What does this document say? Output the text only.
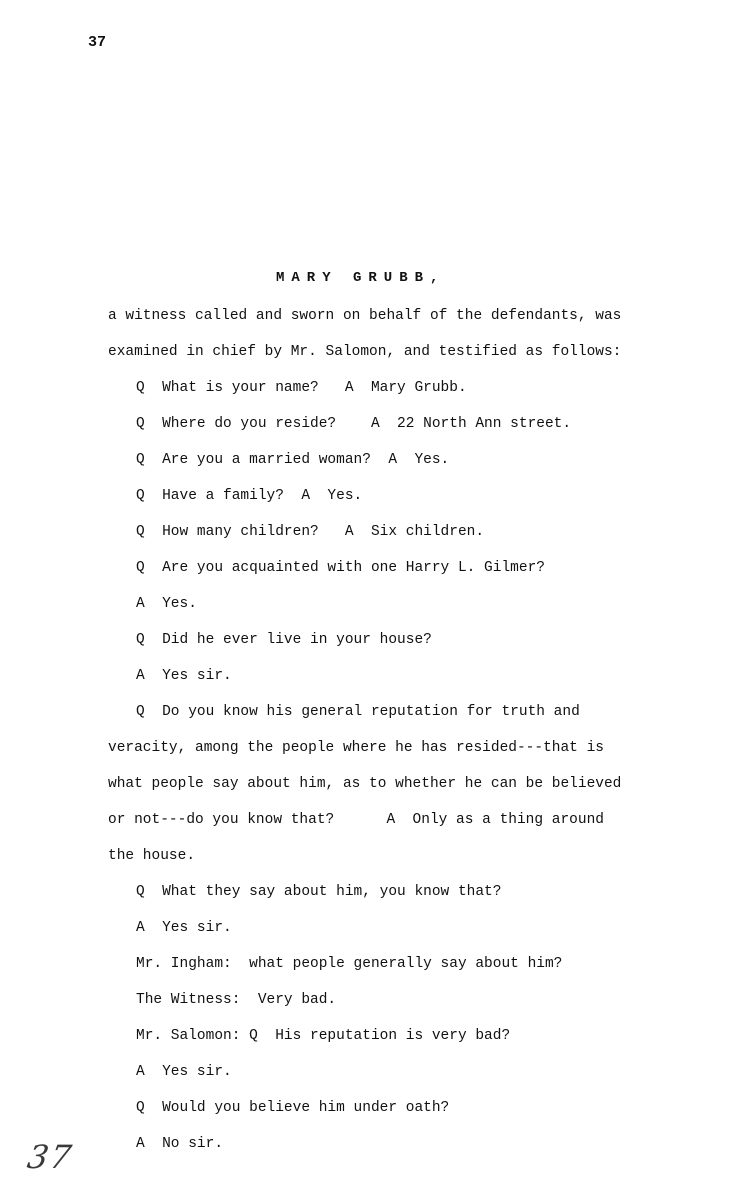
37
MARY GRUBB,
a witness called and sworn on behalf of the defendants, was
examined in chief by Mr. Salomon, and testified as follows:
Q  What is your name?   A  Mary Grubb.
Q  Where do you reside?    A  22 North Ann street.
Q  Are you a married woman?  A  Yes.
Q  Have a family?  A  Yes.
Q  How many children?   A  Six children.
Q  Are you acquainted with one Harry L. Gilmer?
A  Yes.
Q  Did he ever live in your house?
A  Yes sir.
Q  Do you know his general reputation for truth and
veracity, among the people where he has resided---that is
what people say about him, as to whether he can be believed
or not---do you know that?      A  Only as a thing around
the house.
Q  What they say about him, you know that?
A  Yes sir.
Mr. Ingham:  what people generally say about him?
The Witness:  Very bad.
Mr. Salomon: Q  His reputation is very bad?
A  Yes sir.
Q  Would you believe him under oath?
A  No sir.
37
